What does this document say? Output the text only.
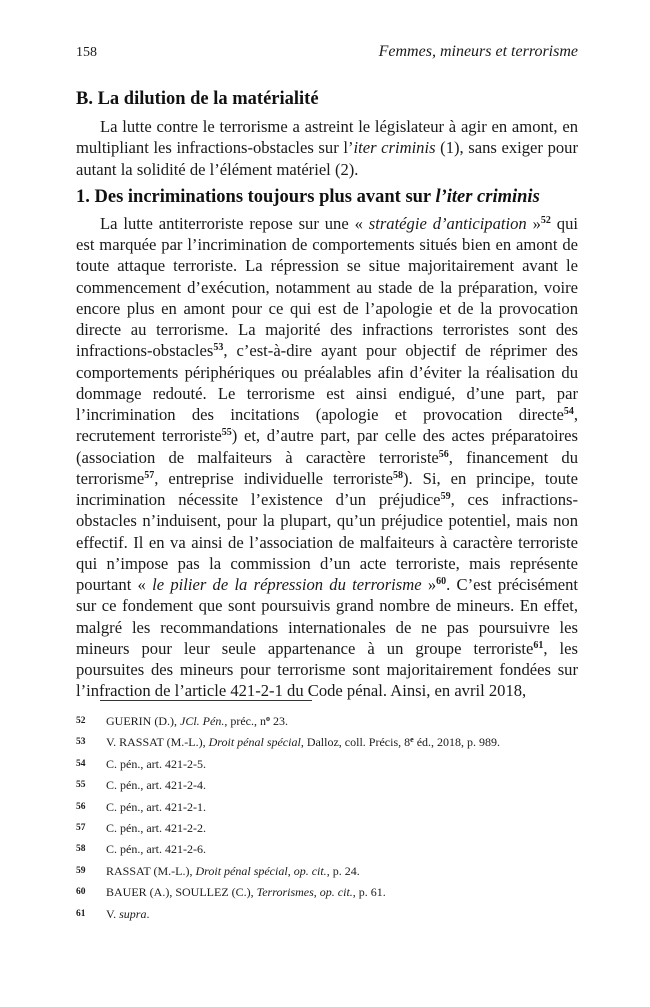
158	Femmes, mineurs et terrorisme
B. La dilution de la matérialité

La lutte contre le terrorisme a astreint le législateur à agir en amont, en multipliant les infractions-obstacles sur l’iter criminis (1), sans exiger pour autant la solidité de l’élément matériel (2).

1. Des incriminations toujours plus avant sur l’iter criminis

La lutte antiterroriste repose sur une « stratégie d’anticipation »$^{52}$ qui est marquée par l’incrimination de comportements situés bien en amont de toute attaque terroriste. La répression se situe majoritairement avant le commencement d’exécution, notamment au stade de la préparation, voire encore plus en amont pour ce qui est de l’apologie et de la provocation directe au terrorisme. La majorité des infractions terroristes sont des infractions-obstacles$^{53}$, c’est-à-dire ayant pour objectif de réprimer des comportements périphériques ou préalables afin d’éviter la réalisation du dommage redouté. Le terrorisme est ainsi endigué, d’une part, par l’incrimination des incitations (apologie et provocation directe$^{54}$, recrutement terroriste$^{55}$) et, d’autre part, par celle des actes préparatoires (association de malfaiteurs à caractère terroriste$^{56}$, financement du terrorisme$^{57}$, entreprise individuelle terroriste$^{58}$). Si, en principe, toute incrimination nécessite l’existence d’un préjudice$^{59}$, ces infractions-obstacles n’induisent, pour la plupart, qu’un préjudice potentiel, mais non effectif. Il en va ainsi de l’association de malfaiteurs à caractère terroriste qui n’impose pas la commission d’un acte terroriste, mais représente pourtant « le pilier de la répression du terrorisme »$^{60}$. C’est précisément sur ce fondement que sont poursuivis grand nombre de mineurs. En effet, malgré les recommandations internationales de ne pas poursuivre les mineurs pour leur seule appartenance à un groupe terroriste$^{61}$, les poursuites des mineurs pour terrorisme sont majoritairement fondées sur l’infraction de l’article 421-2-1 du Code pénal. Ainsi, en avril 2018,

52 GUERIN (D.), JCl. Pén., préc., $n^o$ 23.
53 V. RASSAT (M.-L.), Droit pénal spécial, Dalloz, coll. Précis, 8e éd., 2018, p. 989.
54 C. pén., art. 421-2-5.
55 C. pén., art. 421-2-4.
56 C. pén., art. 421-2-1.
57 C. pén., art. 421-2-2.
58 C. pén., art. 421-2-6.
59 RASSAT (M.-L.), Droit pénal spécial, op. cit., p. 24.
60 BAUER (A.), SOULLEZ (C.), Terrorismes, op. cit., p. 61.
61 V. supra.
